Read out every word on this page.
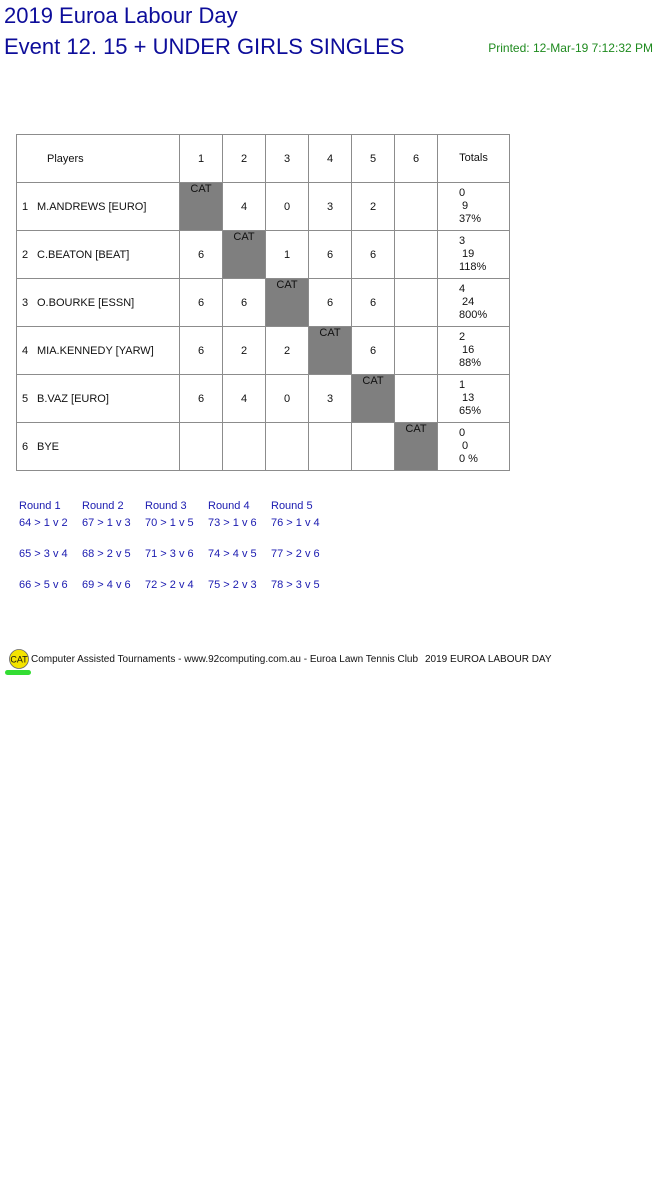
2019 Euroa Labour Day
Event 12. 15 + UNDER GIRLS SINGLES	Printed: 12-Mar-19 7:12:32 PM
Players	1	2	3	4	5	6	Totals
1 M.ANDREWS [EURO]	CAT	4	0	3	2		0
9
37%

2 C.BEATON [BEAT]	6	CAT	1	6	6		3
19
118%

3 O.BOURKE [ESSN]	6	6	CAT	6	6		4
24
800%

4 MIA.KENNEDY [YARW]	6	2	2	CAT	6		2
16
88%

5 B.VAZ [EURO]	6	4	0	3	CAT		1
13
65%

6 BYE						CAT	0
0
0 %
Round 1
64 > 1 v 2
65 > 3 v 4
66 > 5 v 6
Round 2
67 > 1 v 3
68 > 2 v 5
69 > 4 v 6
Round 3
70 > 1 v 5
71 > 3 v 6
72 > 2 v 4
Round 4
73 > 1 v 6
74 > 4 v 5
75 > 2 v 3
Round 5
76 > 1 v 4
77 > 2 v 6
78 > 3 v 5
CAT Computer Assisted Tournaments - www.92computing.com.au - Euroa Lawn Tennis Club 2019 EUROA LABOUR DAY
